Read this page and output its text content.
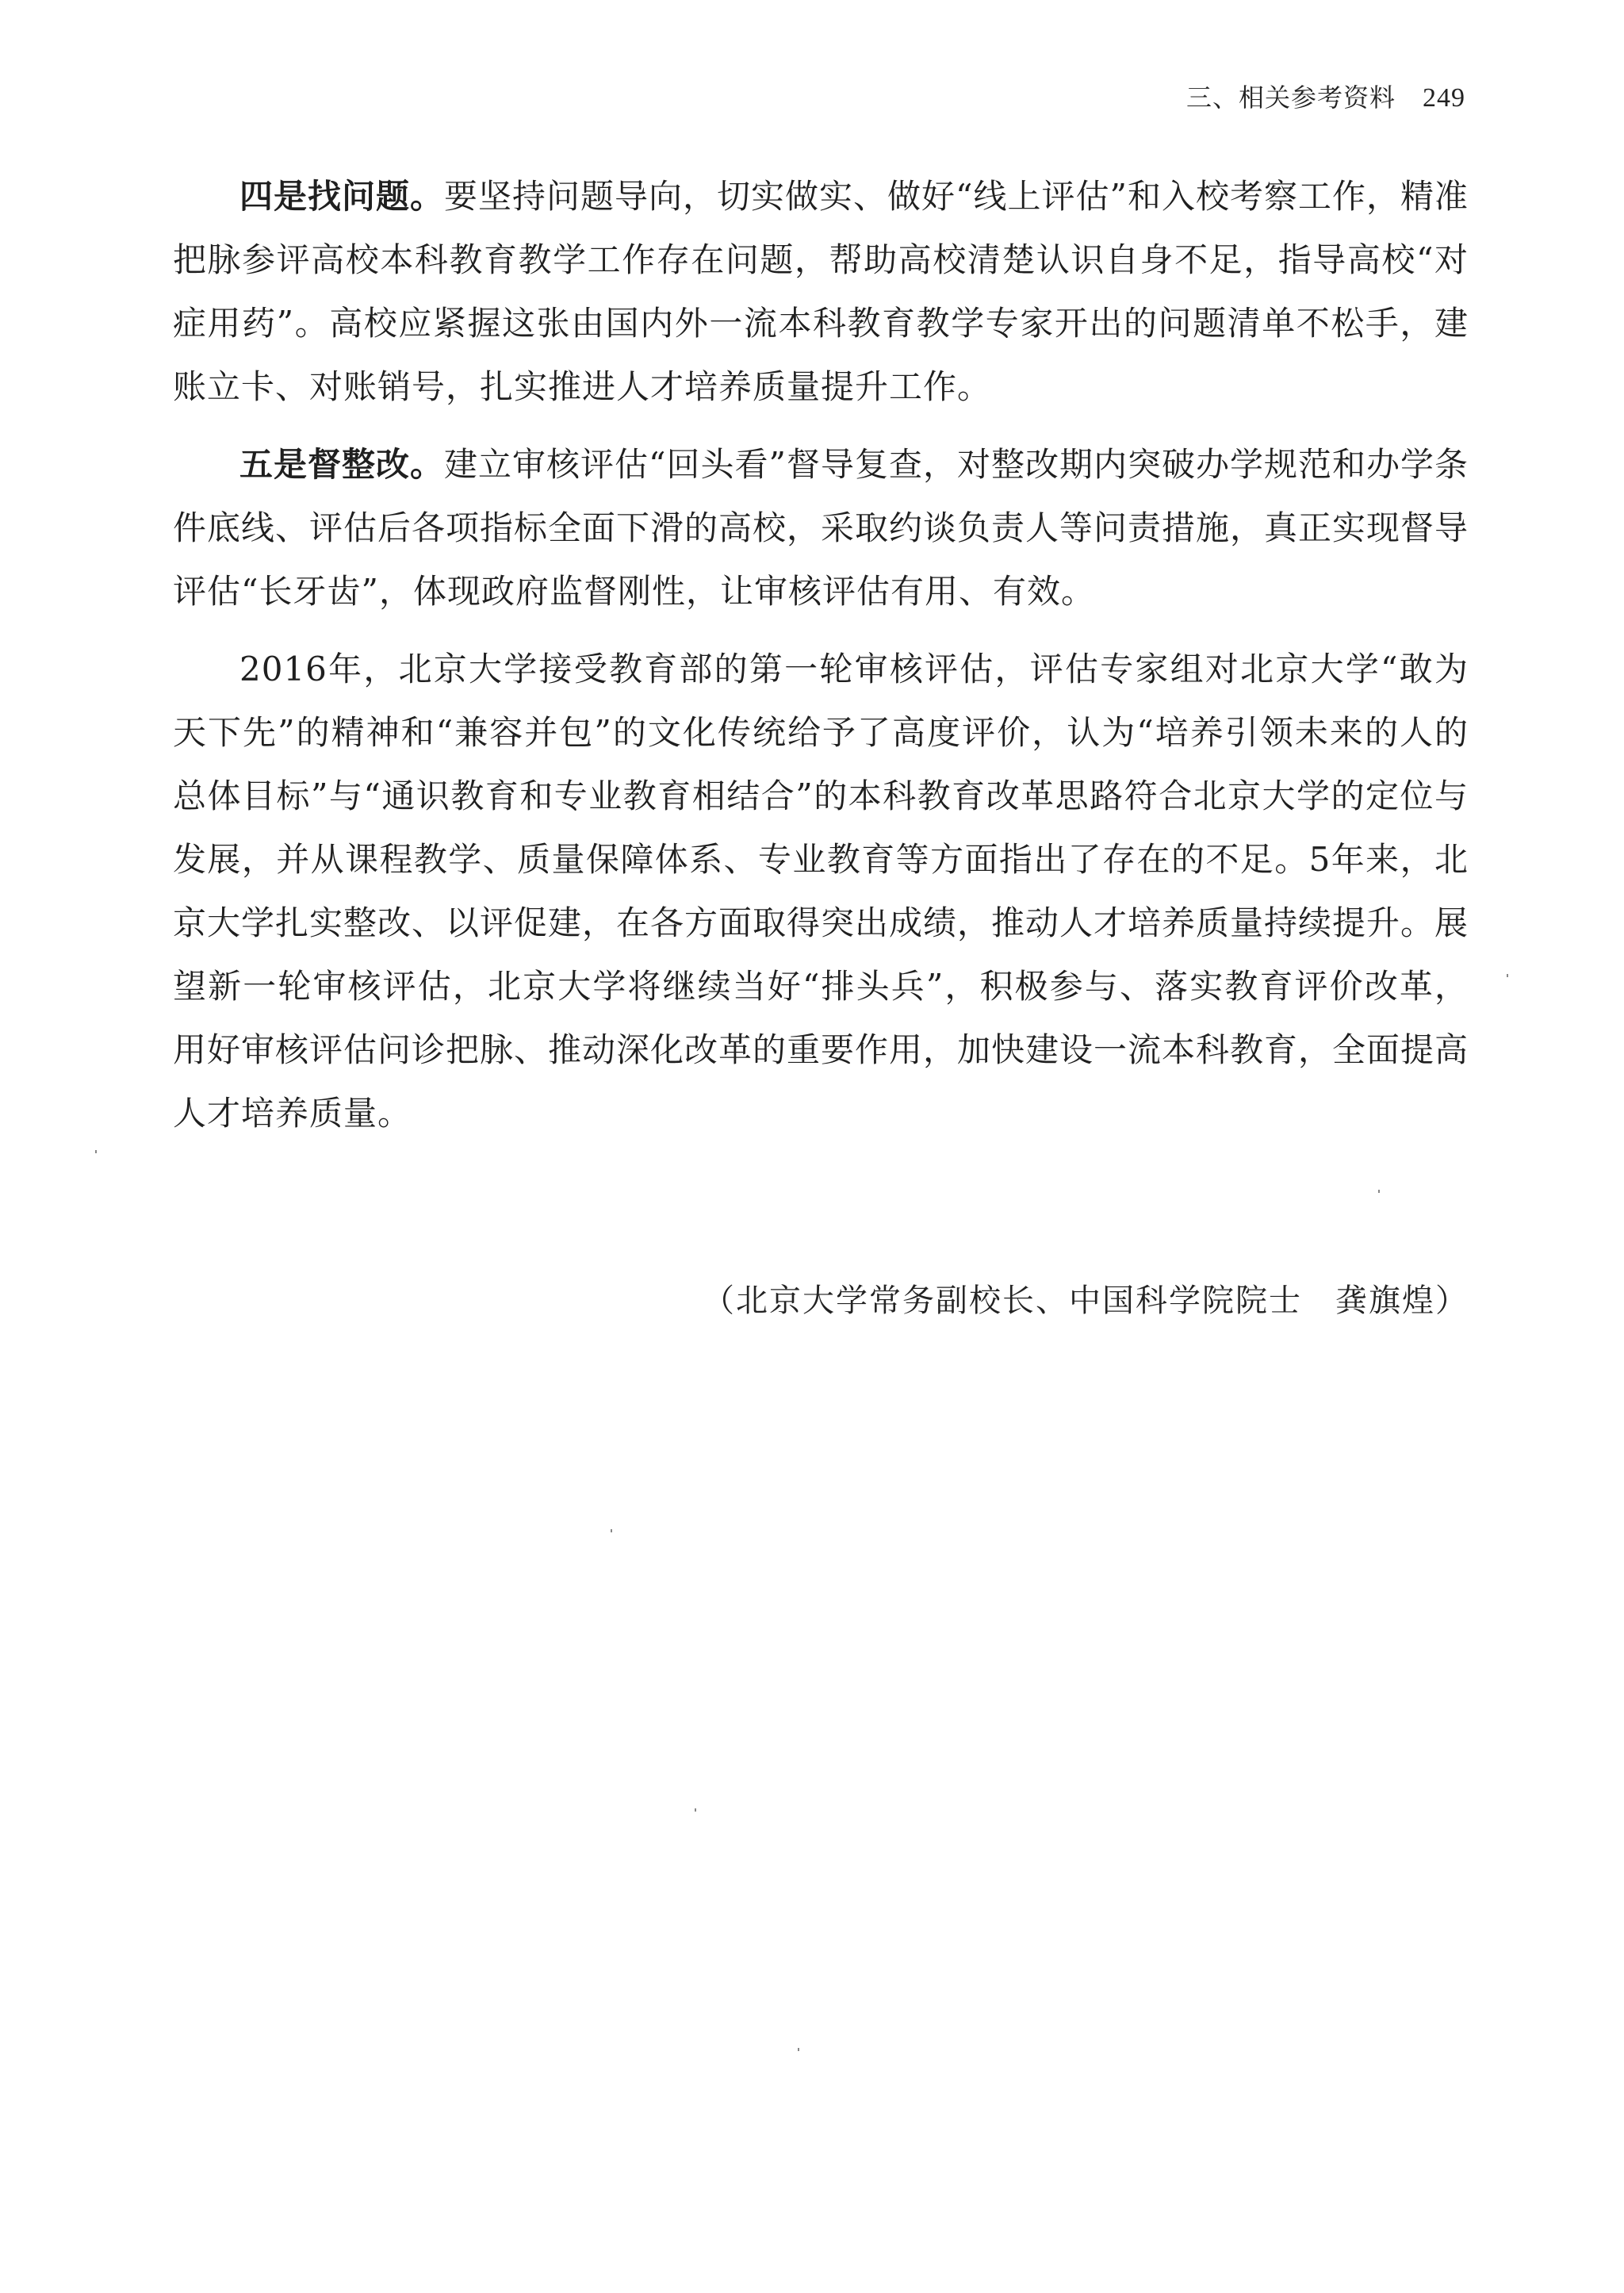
三、相关参考资料 249

四是找问题。要坚持问题导向，切实做实、做好“线上评估”和入校考察工作，精准把脉参评高校本科教育教学工作存在问题，帮助高校清楚认识自身不足，指导高校“对症用药”。高校应紧握这张由国内外一流本科教育教学专家开出的问题清单不松手，建账立卡、对账销号，扎实推进人才培养质量提升工作。

五是督整改。建立审核评估“回头看”督导复查，对整改期内突破办学规范和办学条件底线、评估后各项指标全面下滑的高校，采取约谈负责人等问责措施，真正实现督导评估“长牙齿”，体现政府监督刚性，让审核评估有用、有效。

2016年，北京大学接受教育部的第一轮审核评估，评估专家组对北京大学“敢为天下先”的精神和“兼容并包”的文化传统给予了高度评价，认为“培养引领未来的人的总体目标”与“通识教育和专业教育相结合”的本科教育改革思路符合北京大学的定位与发展，并从课程教学、质量保障体系、专业教育等方面指出了存在的不足。5年来，北京大学扎实整改、以评促建，在各方面取得突出成绩，推动人才培养质量持续提升。展望新一轮审核评估，北京大学将继续当好“排头兵”，积极参与、落实教育评价改革，用好审核评估问诊把脉、推动深化改革的重要作用，加快建设一流本科教育，全面提高人才培养质量。

（北京大学常务副校长、中国科学院院士　龚旗煌）
